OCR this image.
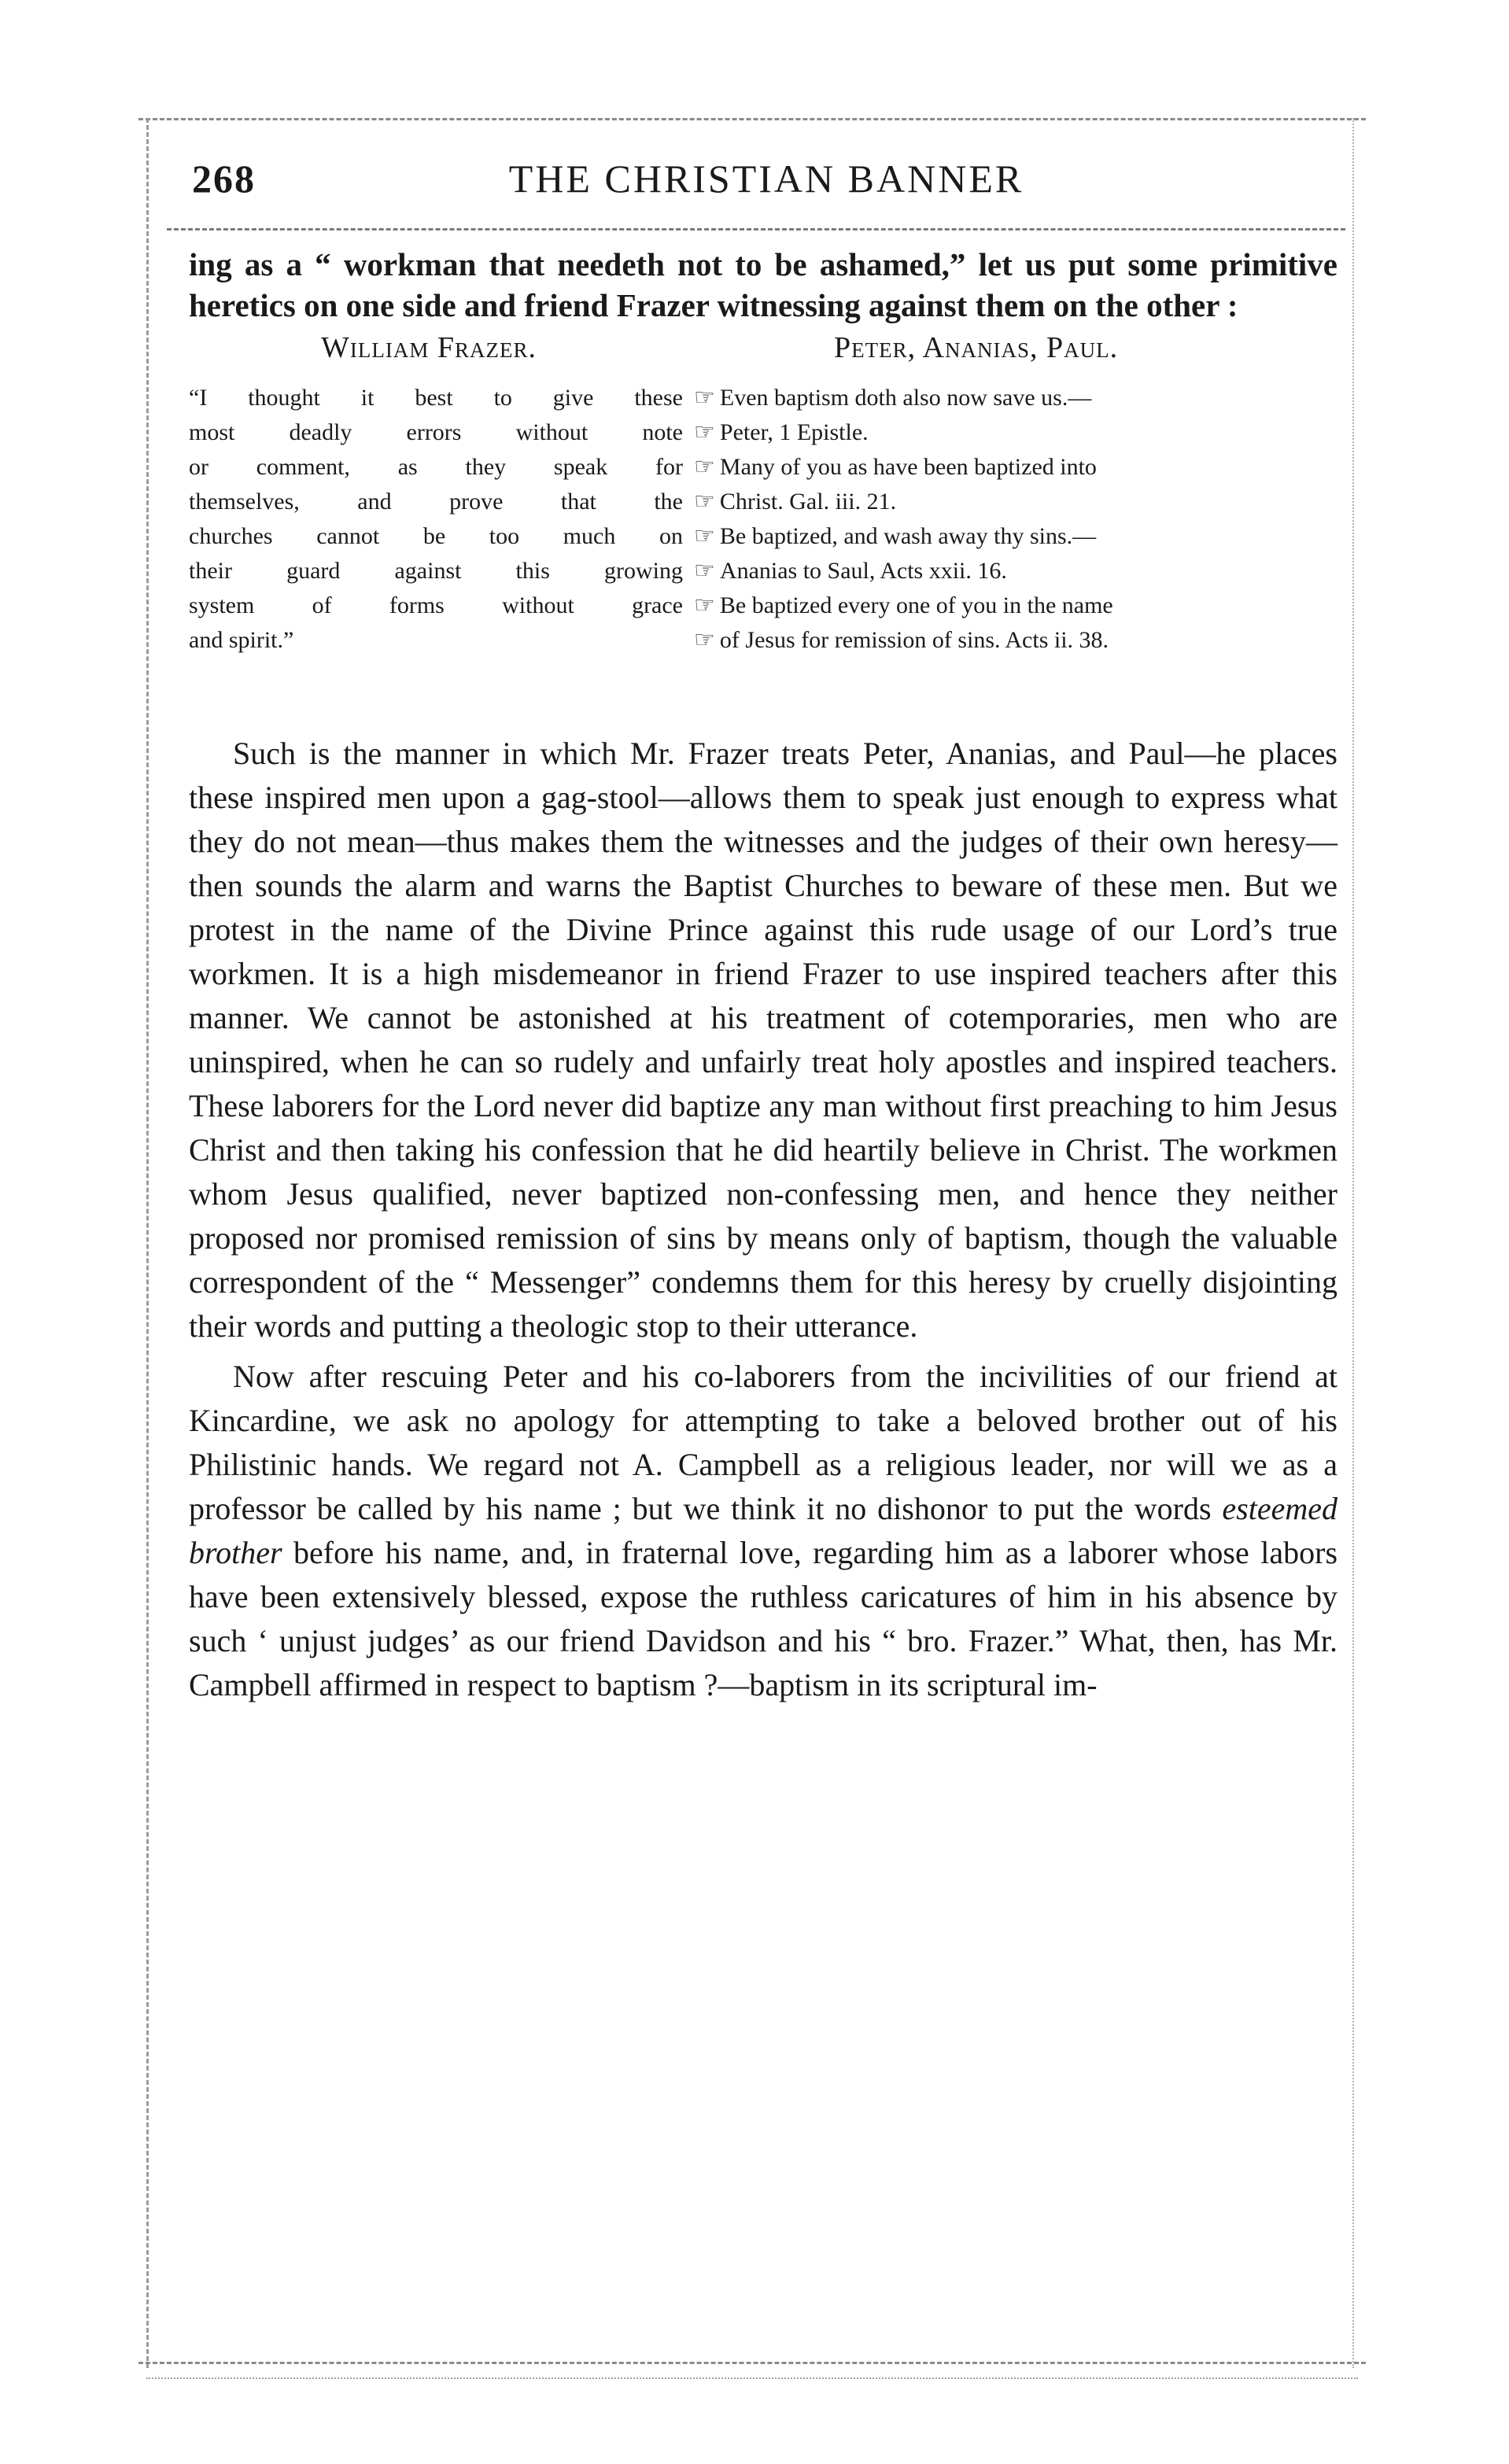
268	THE CHRISTIAN BANNER

ing as a “ workman that needeth not to be ashamed,” let us put some primitive heretics on one side and friend Frazer witnessing against them on the other :

William Frazer.	Peter, Ananias, Paul.
“I thought it best to give these
most deadly errors without note
or comment, as they speak for
themselves, and prove that the
churches cannot be too much on
their guard against this growing
system of forms without grace
and spirit.”
☞ Even baptism doth also now save us.—
☞ Peter, 1 Epistle.
☞ Many of you as have been baptized into
☞ Christ. Gal. iii. 21.
☞ Be baptized, and wash away thy sins.—
☞ Ananias to Saul, Acts xxii. 16.
☞ Be baptized every one of you in the name
☞ of Jesus for remission of sins. Acts ii. 38.

Such is the manner in which Mr. Frazer treats Peter, Ananias, and Paul—he places these inspired men upon a gag-stool—allows them to speak just enough to express what they do not mean—thus makes them the witnesses and the judges of their own heresy—then sounds the alarm and warns the Baptist Churches to beware of these men. But we protest in the name of the Divine Prince against this rude usage of our Lord’s true workmen. It is a high misdemeanor in friend Frazer to use inspired teachers after this manner. We cannot be astonished at his treatment of cotemporaries, men who are uninspired, when he can so rudely and unfairly treat holy apostles and inspired teachers. These laborers for the Lord never did baptize any man without first preaching to him Jesus Christ and then taking his confession that he did heartily believe in Christ. The workmen whom Jesus qualified, never baptized non-confessing men, and hence they neither proposed nor promised remission of sins by means only of baptism, though the valuable correspondent of the “ Messenger” condemns them for this heresy by cruelly disjointing their words and putting a theologic stop to their utterance.

Now after rescuing Peter and his co-laborers from the incivilities of our friend at Kincardine, we ask no apology for attempting to take a beloved brother out of his Philistinic hands. We regard not A. Campbell as a religious leader, nor will we as a professor be called by his name ; but we think it no dishonor to put the words esteemed brother before his name, and, in fraternal love, regarding him as a laborer whose labors have been extensively blessed, expose the ruthless caricatures of him in his absence by such ‘ unjust judges’ as our friend Davidson and his “ bro. Frazer.” What, then, has Mr. Campbell affirmed in respect to baptism ?—baptism in its scriptural im-
